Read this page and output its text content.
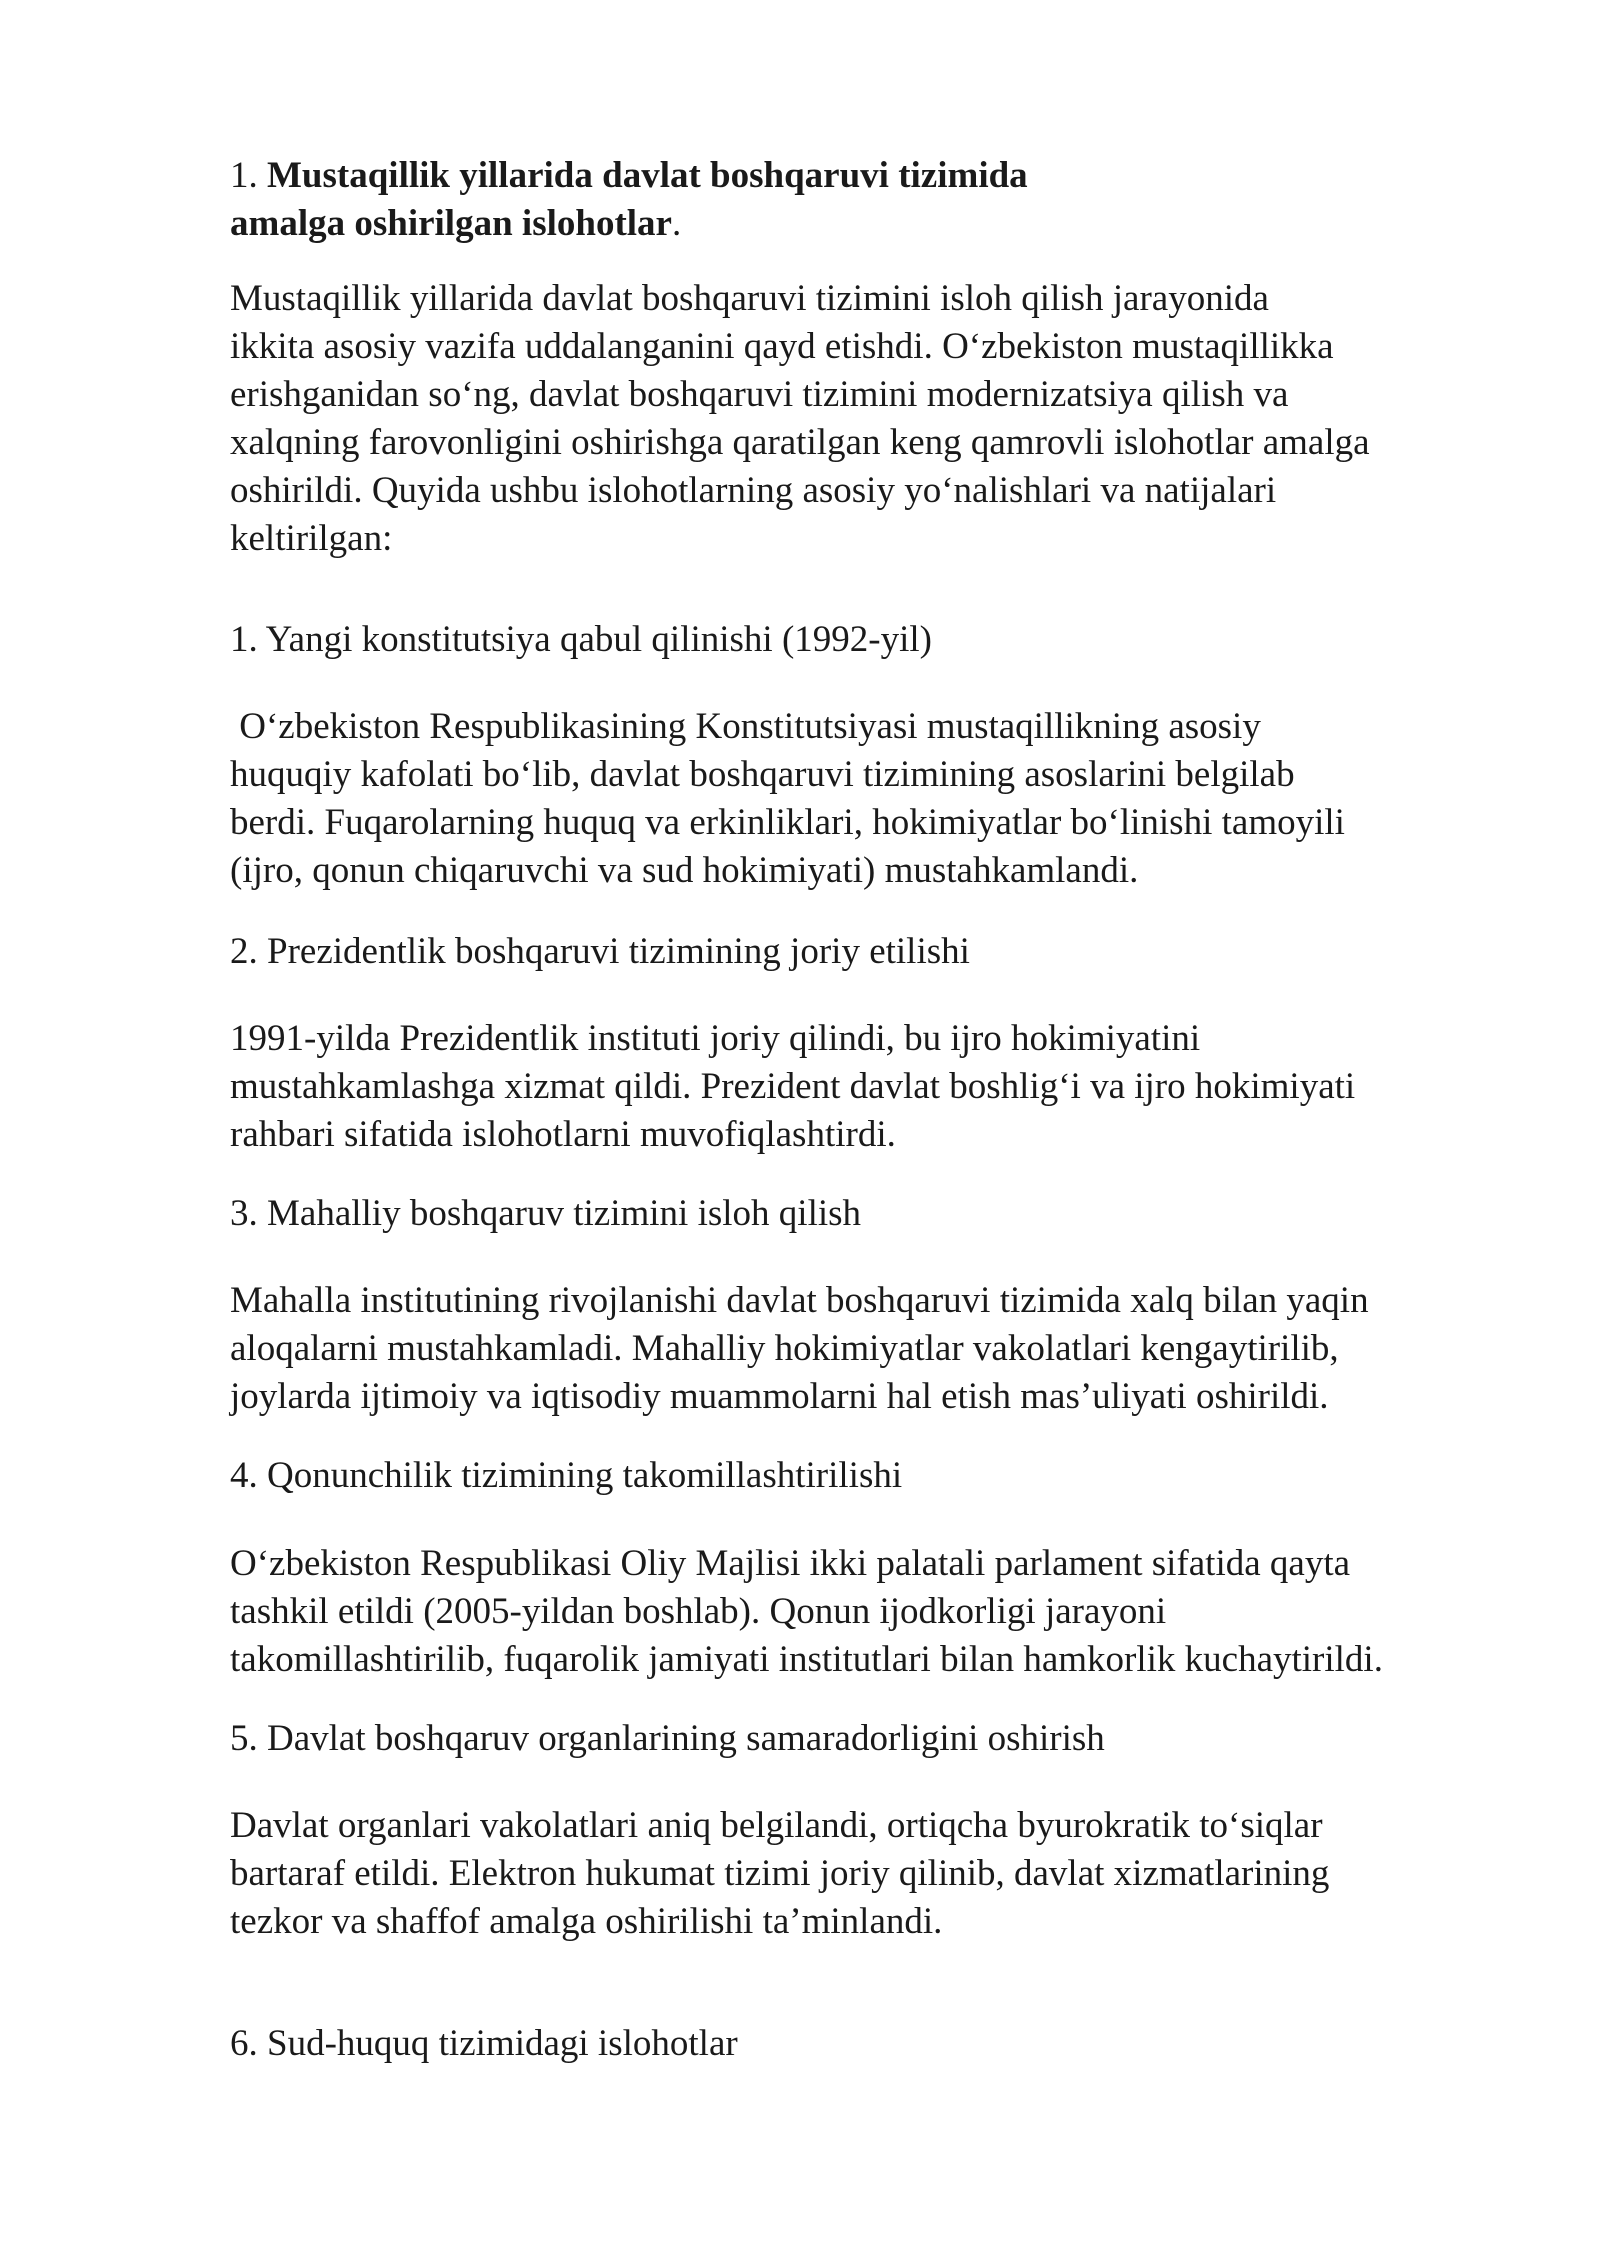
1. Mustaqillik yillarida davlat boshqaruvi tizimida
amalga oshirilgan islohotlar.
Mustaqillik yillarida davlat boshqaruvi tizimini isloh qilish jarayonida
ikkita asosiy vazifa uddalanganini qayd etishdi. O‘zbekiston mustaqillikka
erishganidan so‘ng, davlat boshqaruvi tizimini modernizatsiya qilish va
xalqning farovonligini oshirishga qaratilgan keng qamrovli islohotlar amalga
oshirildi. Quyida ushbu islohotlarning asosiy yo‘nalishlari va natijalari
keltirilgan:
1. Yangi konstitutsiya qabul qilinishi (1992-yil)
O‘zbekiston Respublikasining Konstitutsiyasi mustaqillikning asosiy
huquqiy kafolati bo‘lib, davlat boshqaruvi tizimining asoslarini belgilab
berdi. Fuqarolarning huquq va erkinliklari, hokimiyatlar bo‘linishi tamoyili
(ijro, qonun chiqaruvchi va sud hokimiyati) mustahkamlandi.
2. Prezidentlik boshqaruvi tizimining joriy etilishi
1991-yilda Prezidentlik instituti joriy qilindi, bu ijro hokimiyatini
mustahkamlashga xizmat qildi. Prezident davlat boshlig‘i va ijro hokimiyati
rahbari sifatida islohotlarni muvofiqlashtirdi.
3. Mahalliy boshqaruv tizimini isloh qilish
Mahalla institutining rivojlanishi davlat boshqaruvi tizimida xalq bilan yaqin
aloqalarni mustahkamladi. Mahalliy hokimiyatlar vakolatlari kengaytirilib,
joylarda ijtimoiy va iqtisodiy muammolarni hal etish mas’uliyati oshirildi.
4. Qonunchilik tizimining takomillashtirilishi
O‘zbekiston Respublikasi Oliy Majlisi ikki palatali parlament sifatida qayta
tashkil etildi (2005-yildan boshlab). Qonun ijodkorligi jarayoni
takomillashtirilib, fuqarolik jamiyati institutlari bilan hamkorlik kuchaytirildi.
5. Davlat boshqaruv organlarining samaradorligini oshirish
Davlat organlari vakolatlari aniq belgilandi, ortiqcha byurokratik to‘siqlar
bartaraf etildi. Elektron hukumat tizimi joriy qilinib, davlat xizmatlarining
tezkor va shaffof amalga oshirilishi ta’minlandi.
6. Sud-huquq tizimidagi islohotlar
